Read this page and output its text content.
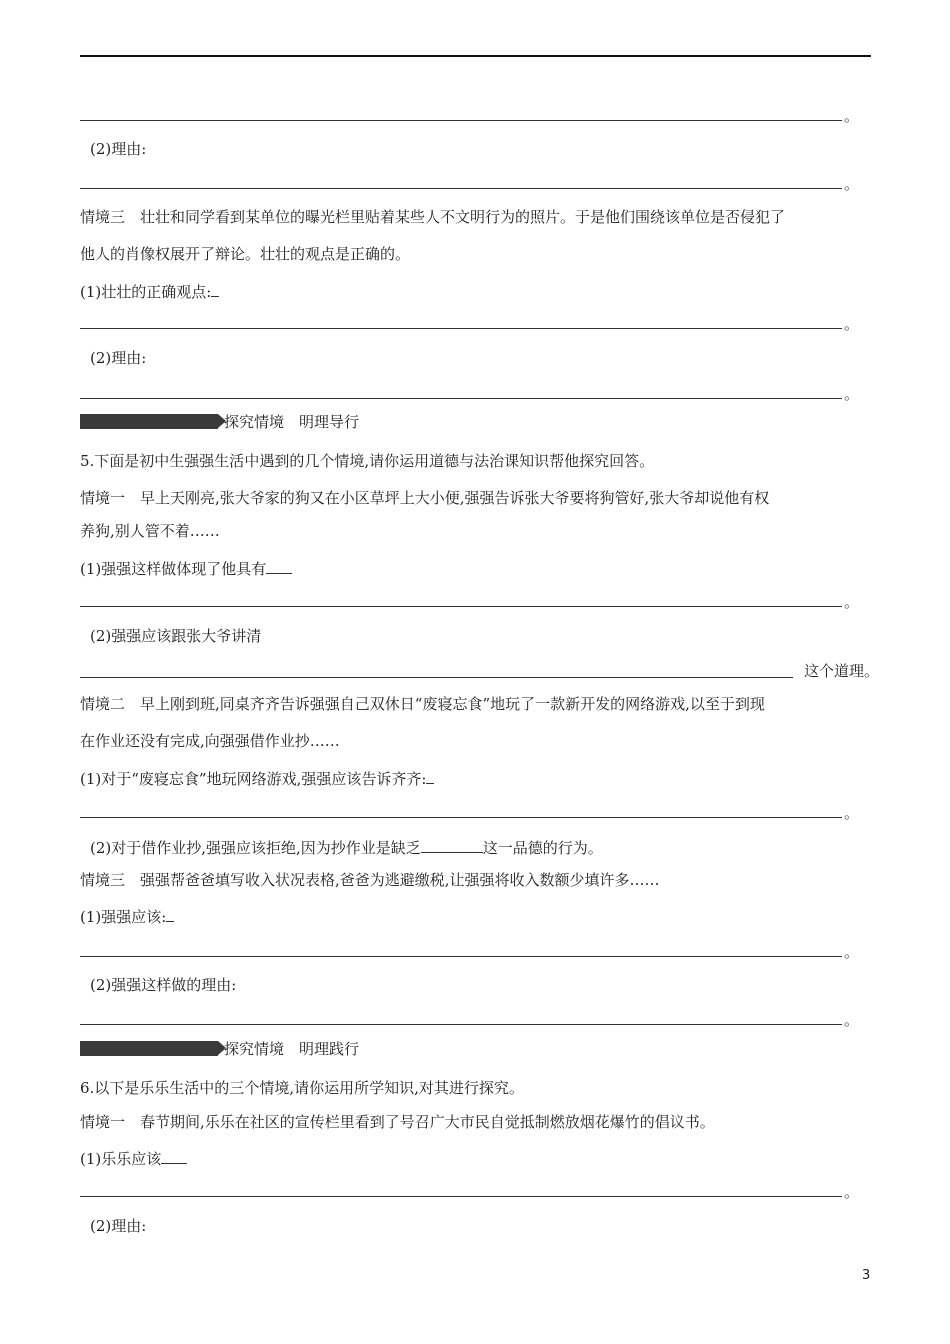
。
(2)理由:
。
情境三　壮壮和同学看到某单位的曝光栏里贴着某些人不文明行为的照片。于是他们围绕该单位是否侵犯了
他人的肖像权展开了辩论。壮壮的观点是正确的。
(1)壮壮的正确观点:
。
(2)理由:
。
探究情境　明理导行
5.下面是初中生强强生活中遇到的几个情境,请你运用道德与法治课知识帮他探究回答。
情境一　早上天刚亮,张大爷家的狗又在小区草坪上大小便,强强告诉张大爷要将狗管好,张大爷却说他有权
养狗,别人管不着……
(1)强强这样做体现了他具有
。
(2)强强应该跟张大爷讲清
这个道理。
情境二　早上刚到班,同桌齐齐告诉强强自己双休日“废寝忘食”地玩了一款新开发的网络游戏,以至于到现
在作业还没有完成,向强强借作业抄……
(1)对于“废寝忘食”地玩网络游戏,强强应该告诉齐齐:
。
(2)对于借作业抄,强强应该拒绝,因为抄作业是缺乏	这一品德的行为。
情境三　强强帮爸爸填写收入状况表格,爸爸为逃避缴税,让强强将收入数额少填许多……
(1)强强应该:
。
(2)强强这样做的理由:
。
探究情境　明理践行
6.以下是乐乐生活中的三个情境,请你运用所学知识,对其进行探究。
情境一　春节期间,乐乐在社区的宣传栏里看到了号召广大市民自觉抵制燃放烟花爆竹的倡议书。
(1)乐乐应该
。
(2)理由:
3
